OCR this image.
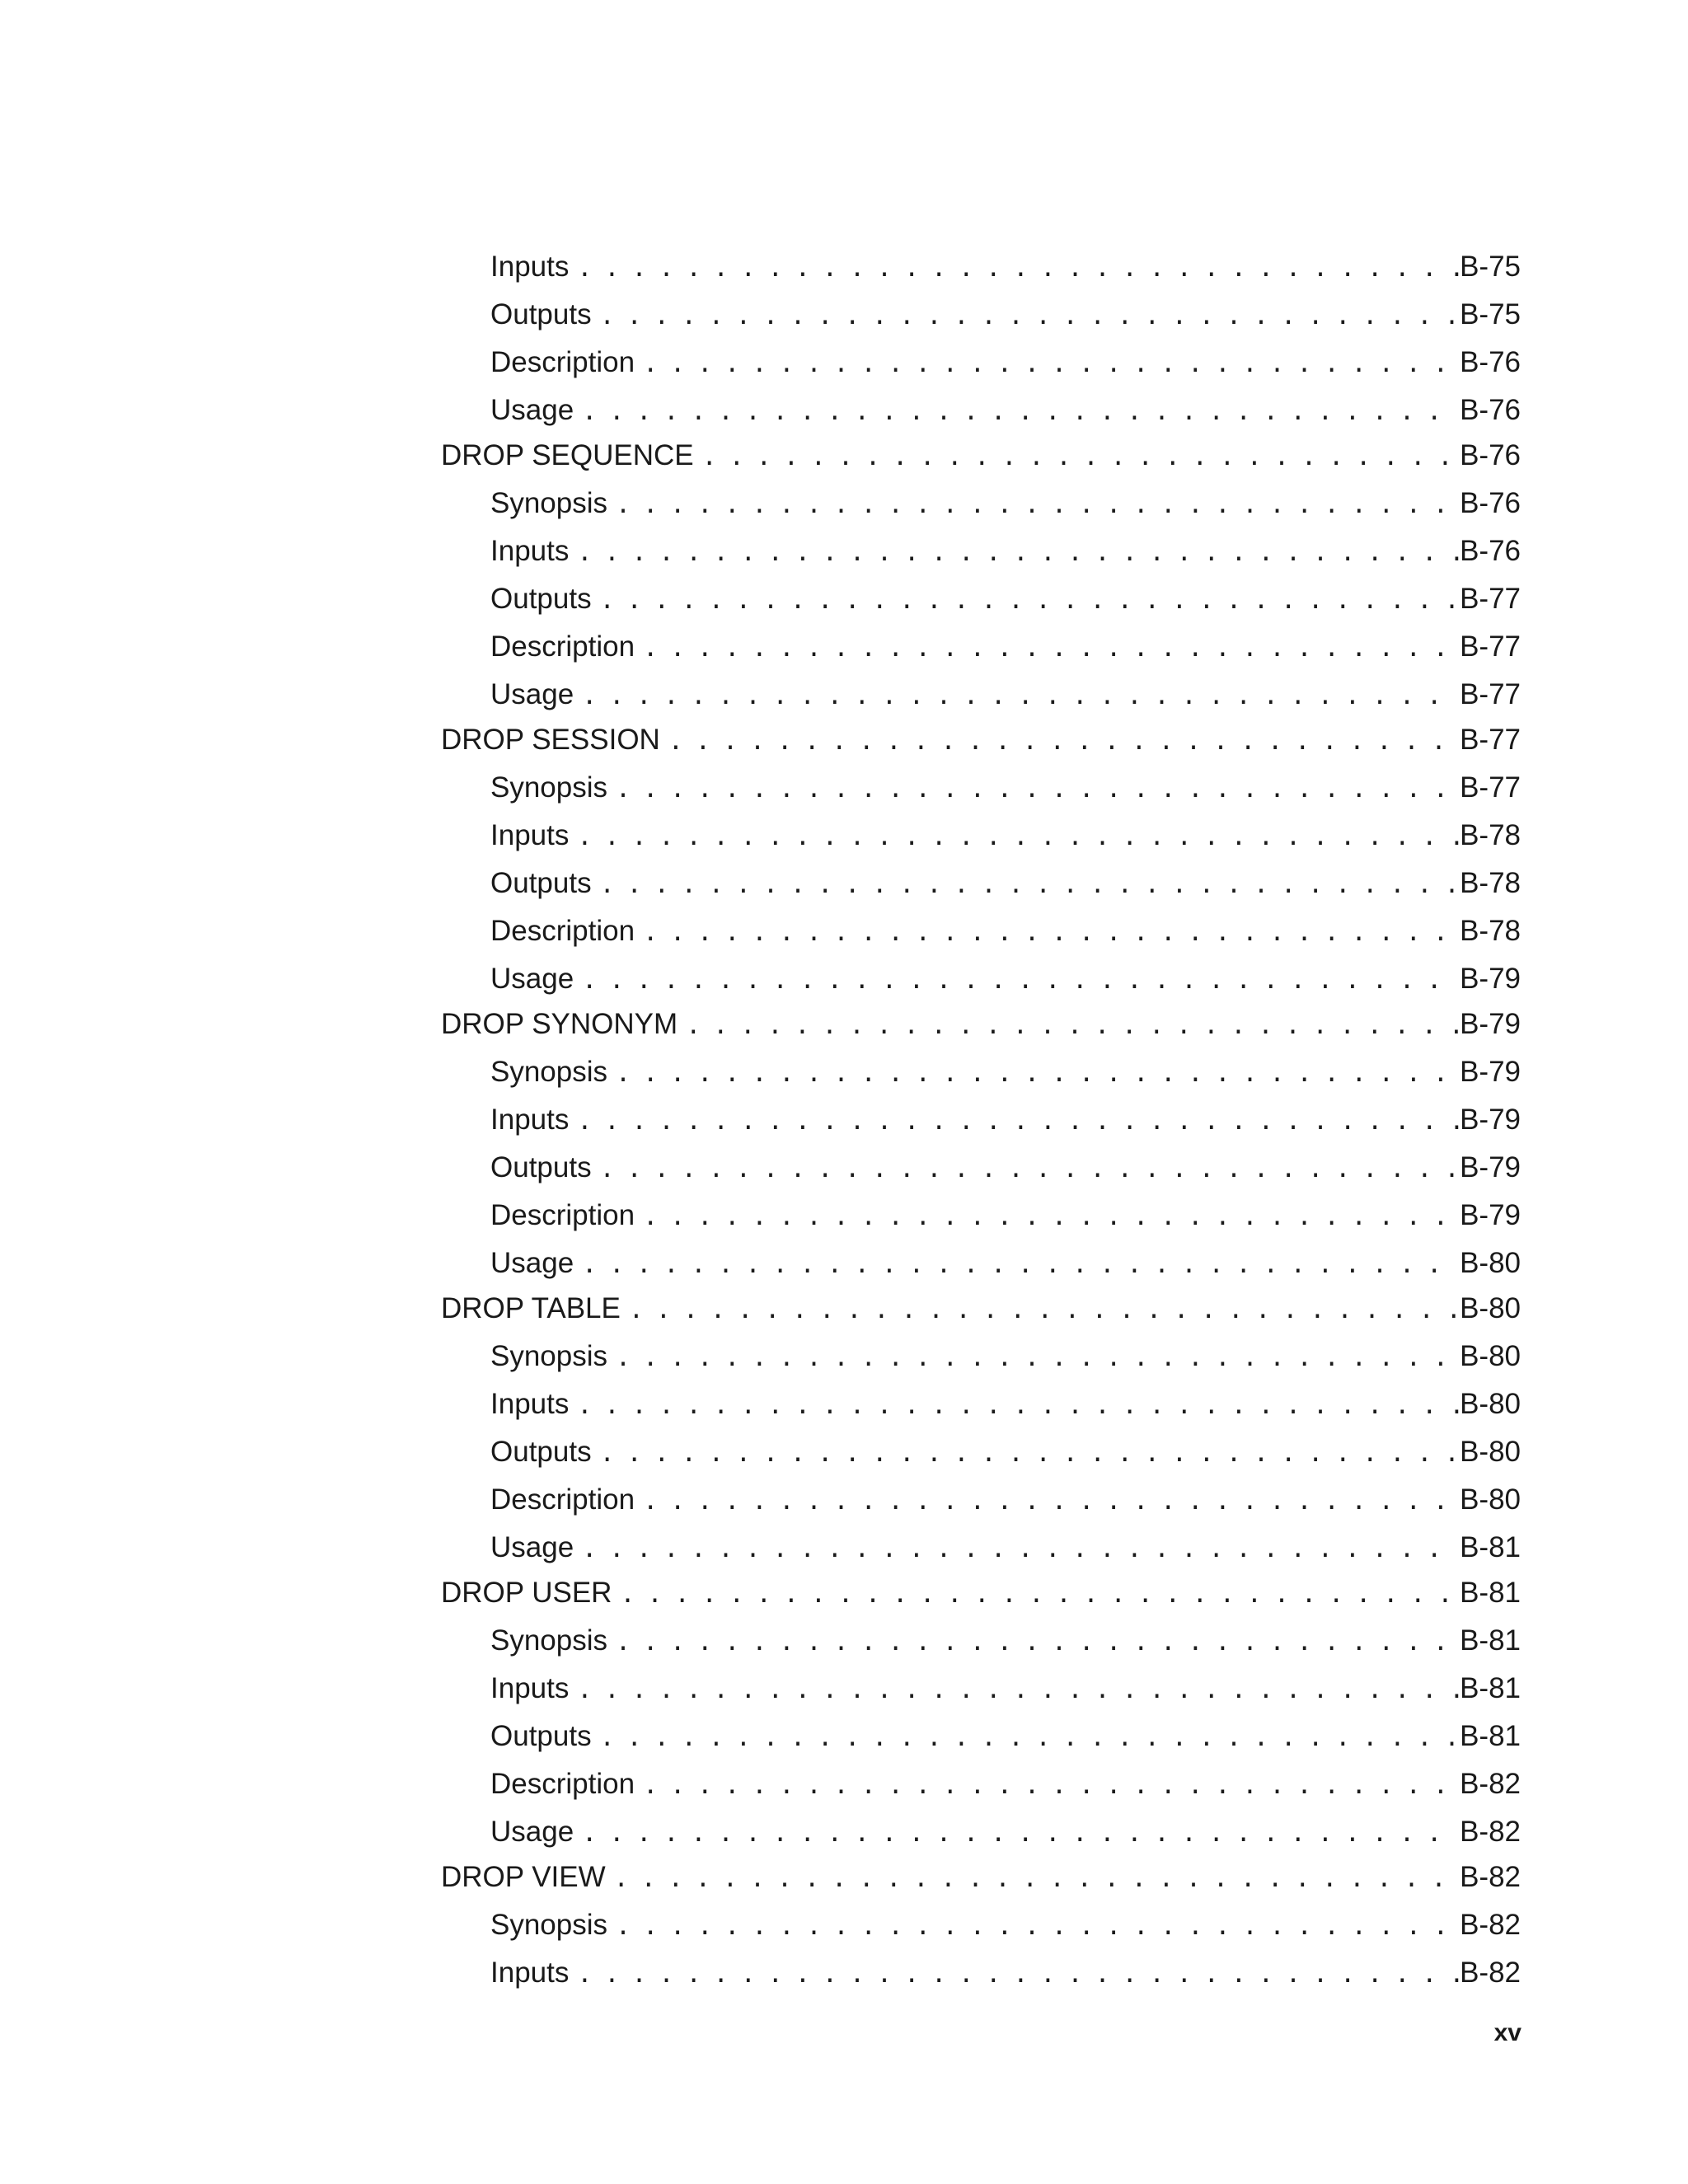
Inputs .....	B-75
Outputs .....	B-75
Description .....	B-76
Usage .....	B-76
DROP SEQUENCE .....	B-76
Synopsis .....	B-76
Inputs .....	B-76
Outputs .....	B-77
Description .....	B-77
Usage .....	B-77
DROP SESSION .....	B-77
Synopsis .....	B-77
Inputs .....	B-78
Outputs .....	B-78
Description .....	B-78
Usage .....	B-79
DROP SYNONYM .....	B-79
Synopsis .....	B-79
Inputs .....	B-79
Outputs .....	B-79
Description .....	B-79
Usage .....	B-80
DROP TABLE .....	B-80
Synopsis .....	B-80
Inputs .....	B-80
Outputs .....	B-80
Description .....	B-80
Usage .....	B-81
DROP USER .....	B-81
Synopsis .....	B-81
Inputs .....	B-81
Outputs .....	B-81
Description .....	B-82
Usage .....	B-82
DROP VIEW .....	B-82
Synopsis .....	B-82
Inputs .....	B-82
xv
